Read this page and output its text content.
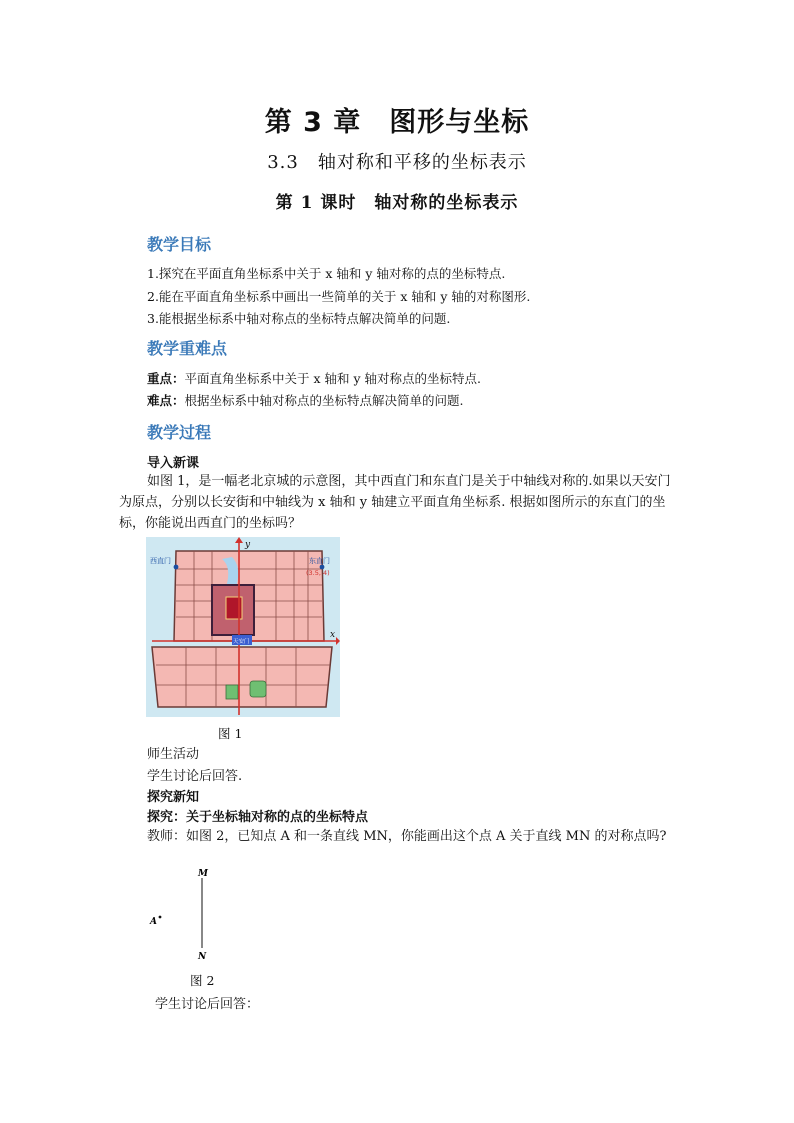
第 3 章　图形与坐标
3.3　轴对称和平移的坐标表示
第 1 课时　轴对称的坐标表示
教学目标
1.探究在平面直角坐标系中关于 x 轴和 y 轴对称的点的坐标特点.
2.能在平面直角坐标系中画出一些简单的关于 x 轴和 y 轴的对称图形.
3.能根据坐标系中轴对称点的坐标特点解决简单的问题.
教学重难点
重点：平面直角坐标系中关于 x 轴和 y 轴对称点的坐标特点.
难点：根据坐标系中轴对称点的坐标特点解决简单的问题.
教学过程
导入新课
如图 1，是一幅老北京城的示意图，其中西直门和东直门是关于中轴线对称的.如果以天安门为原点，分别以长安街和中轴线为 x 轴和 y 轴建立平面直角坐标系. 根据如图所示的东直门的坐标，你能说出西直门的坐标吗？
y
x
西直门	东直门
(3.5, 4)
天安门
图 1
师生活动
学生讨论后回答.
探究新知
探究：关于坐标轴对称的点的坐标特点
教师：如图 2，已知点 A 和一条直线 MN，你能画出这个点 A 关于直线 MN 的对称点吗?
M
N
A
图 2
学生讨论后回答：
